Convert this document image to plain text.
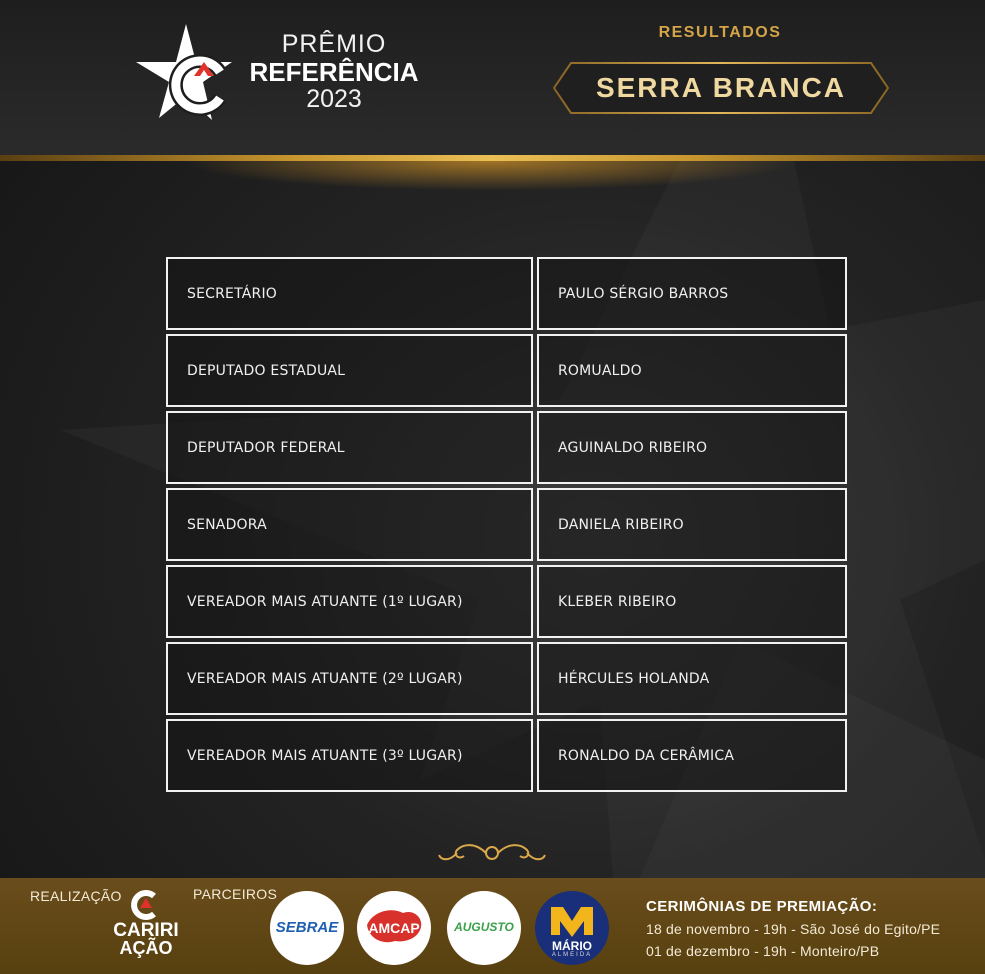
PRÊMIO
REFERÊNCIA
2023
RESULTADOS
SERRA BRANCA
SECRETÁRIO	PAULO SÉRGIO BARROS
DEPUTADO ESTADUAL	ROMUALDO
DEPUTADOR FEDERAL	AGUINALDO RIBEIRO
SENADORA	DANIELA RIBEIRO
VEREADOR MAIS ATUANTE (1º LUGAR)	KLEBER RIBEIRO
VEREADOR MAIS ATUANTE (2º LUGAR)	HÉRCULES HOLANDA
VEREADOR MAIS ATUANTE (3º LUGAR)	RONALDO DA CERÂMICA
REALIZAÇÃO
CARIRI
AÇÃO
PARCEIROS
SEBRAE	AMCAP	AUGUSTO
MÁRIO
ALMEIDA
CERIMÔNIAS DE PREMIAÇÃO:
18 de novembro - 19h - São José do Egito/PE
01 de dezembro - 19h - Monteiro/PB
